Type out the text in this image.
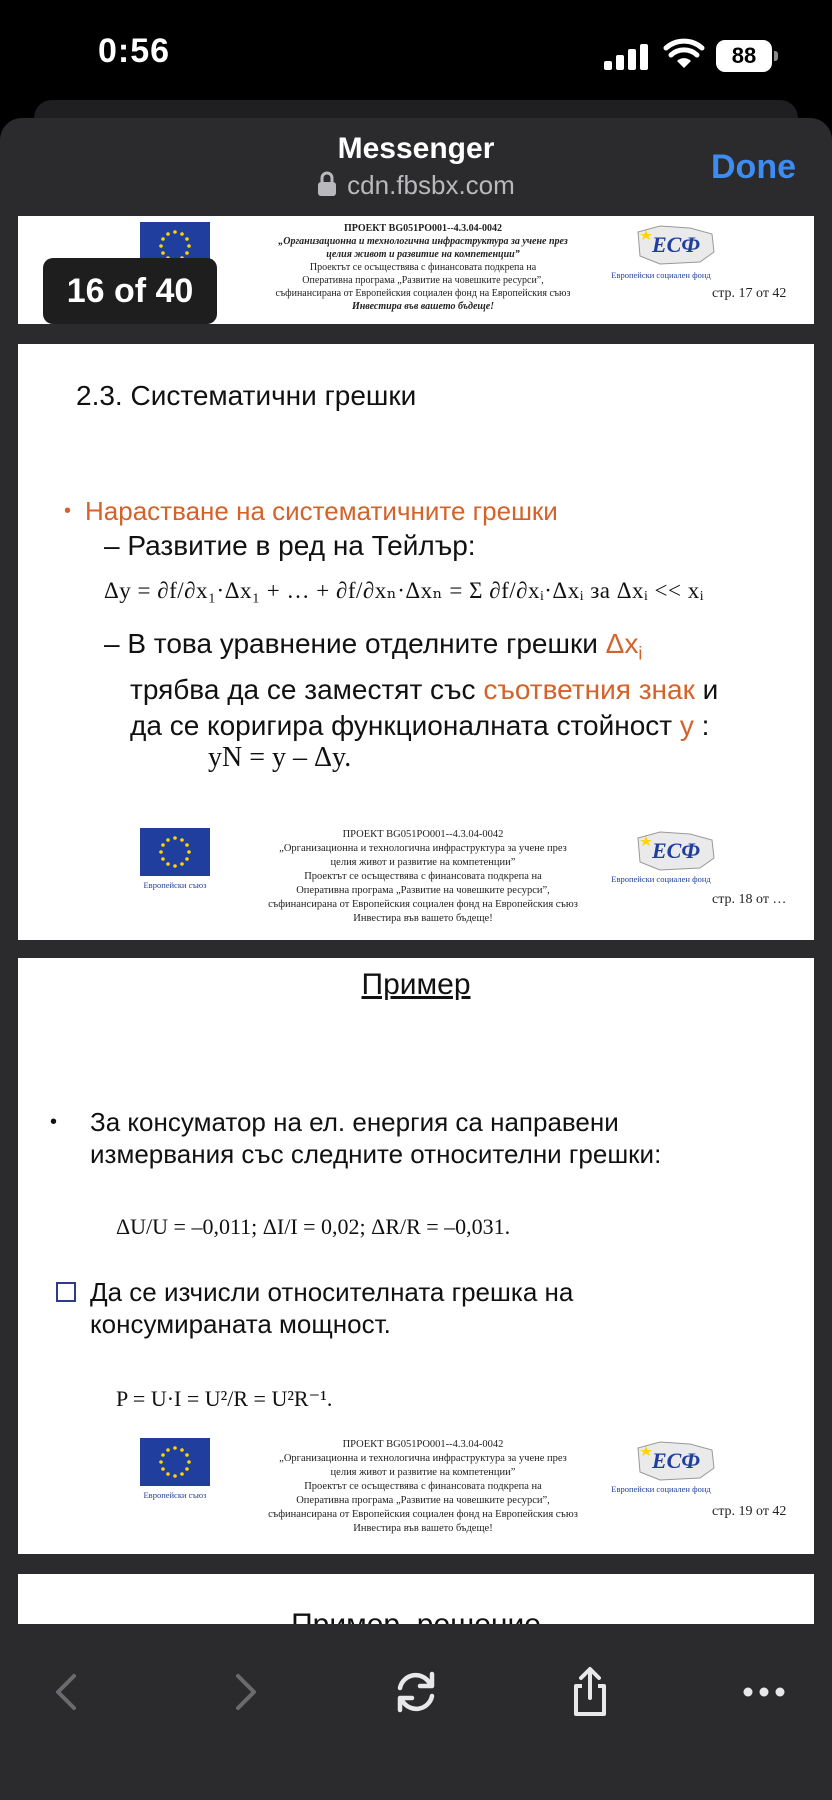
0:56	88
Messenger
cdn.fbsbx.com	Done
ПРОЕКТ BG051PO001--4.3.04-0042
„Организационна и технологична инфраструктура за учене през
целия живот и развитие на компетенции”
Проектът се осъществява с финансовата подкрепа на
Оперативна програма „Развитие на човешките ресурси”,
съфинансирана от Европейския социален фонд на Европейския съюз
Инвестира във вашето бъдеще!
ЕСФ
Европейски социален фонд
стр. 17 от 42
2.3. Систематични грешки
• Нарастване на систематичните грешки
– Развитие в ред на Тейлър:
Δy = ∂f/∂x₁·Δx₁ + … + ∂f/∂xₙ·Δxₙ = Σ ∂f/∂xᵢ·Δxᵢ за Δxᵢ << xᵢ
– В това уравнение отделните грешки $\Delta x_i$
трябва да се заместят със съответния знак и
да се коригира функционалната стойност y :
yN = y – Δy.
Европейски съюз
ПРОЕКТ BG051PO001--4.3.04-0042
„Организационна и технологична инфраструктура за учене през
целия живот и развитие на компетенции”
Проектът се осъществява с финансовата подкрепа на
Оперативна програма „Развитие на човешките ресурси”,
съфинансирана от Европейския социален фонд на Европейския съюз
Инвестира във вашето бъдеще!
ЕСФ
Европейски социален фонд
стр. 18 от …
Пример
•	За консуматор на ел. енергия са направени
измервания със следните относителни грешки:
ΔU/U = –0,011; ΔI/I = 0,02; ΔR/R = –0,031.
Да се изчисли относителната грешка на
консумираната мощност.
P = U·I = U²/R = U²R⁻¹.
Европейски съюз
ПРОЕКТ BG051PO001--4.3.04-0042
„Организационна и технологична инфраструктура за учене през
целия живот и развитие на компетенции”
Проектът се осъществява с финансовата подкрепа на
Оперативна програма „Развитие на човешките ресурси”,
съфинансирана от Европейския социален фонд на Европейския съюз
Инвестира във вашето бъдеще!
ЕСФ
Европейски социален фонд
стр. 19 от 42
16 of 40
